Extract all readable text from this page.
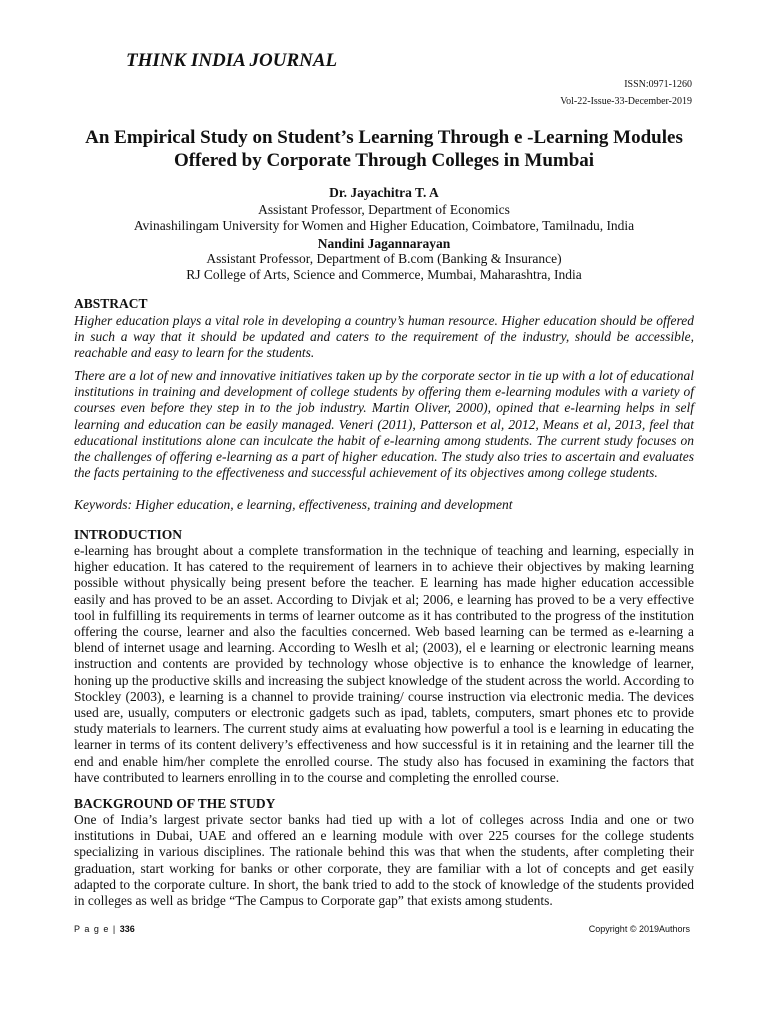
THINK INDIA JOURNAL
ISSN:0971-1260
Vol-22-Issue-33-December-2019
An Empirical Study on Student’s Learning Through e -Learning Modules Offered by Corporate Through Colleges in Mumbai
Dr. Jayachitra T. A
Assistant Professor, Department of Economics
Avinashilingam University for Women and Higher Education, Coimbatore, Tamilnadu, India
Nandini Jagannarayan
Assistant Professor, Department of B.com (Banking & Insurance)
RJ College of Arts, Science and Commerce, Mumbai, Maharashtra, India
ABSTRACT
Higher education plays a vital role in developing a country’s human resource. Higher education should be offered in such a way that it should be updated and caters to the requirement of the industry, should be accessible, reachable and easy to learn for the students.
There are a lot of new and innovative initiatives taken up by the corporate sector in tie up with a lot of educational institutions in training and development of college students by offering them e-learning modules with a variety of courses even before they step in to the job industry. Martin Oliver, 2000), opined that e-learning helps in self learning and education can be easily managed. Veneri (2011), Patterson et al, 2012, Means et al, 2013, feel that educational institutions alone can inculcate the habit of e-learning among students. The current study focuses on the challenges of offering e-learning as a part of higher education. The study also tries to ascertain and evaluates the facts pertaining to the effectiveness and successful achievement of its objectives among college students.
Keywords: Higher education, e learning, effectiveness, training and development
INTRODUCTION
e-learning has brought about a complete transformation in the technique of teaching and learning, especially in higher education. It has catered to the requirement of learners in to achieve their objectives by making learning possible without physically being present before the teacher. E learning has made higher education accessible easily and has proved to be an asset. According to Divjak et al; 2006, e learning has proved to be a very effective tool in fulfilling its requirements in terms of learner outcome as it has contributed to the progress of the institution offering the course, learner and also the faculties concerned. Web based learning can be termed as e-learning a blend of internet usage and learning. According to Weslh et al; (2003), el e learning or electronic learning means instruction and contents are provided by technology whose objective is to enhance the knowledge of learner, honing up the productive skills and increasing the subject knowledge of the student across the world. According to Stockley (2003), e learning is a channel to provide training/ course instruction via electronic media. The devices used are, usually, computers or electronic gadgets such as ipad, tablets, computers, smart phones etc to provide study materials to learners. The current study aims at evaluating how powerful a tool is e learning in educating the learner in terms of its content delivery’s effectiveness and how successful is it in retaining and the learner till the end and enable him/her complete the enrolled course. The study also has focused in examining the factors that have contributed to learners enrolling in to the course and completing the enrolled course.
BACKGROUND OF THE STUDY
One of India’s largest private sector banks had tied up with a lot of colleges across India and one or two institutions in Dubai, UAE and offered an e learning module with over 225 courses for the college students specializing in various disciplines. The rationale behind this was that when the students, after completing their graduation, start working for banks or other corporate, they are familiar with a lot of concepts and get easily adapted to the corporate culture. In short, the bank tried to add to the stock of knowledge of the students provided in colleges as well as bridge “The Campus to Corporate gap” that exists among students.
P a g e | 336	Copyright © 2019Authors
